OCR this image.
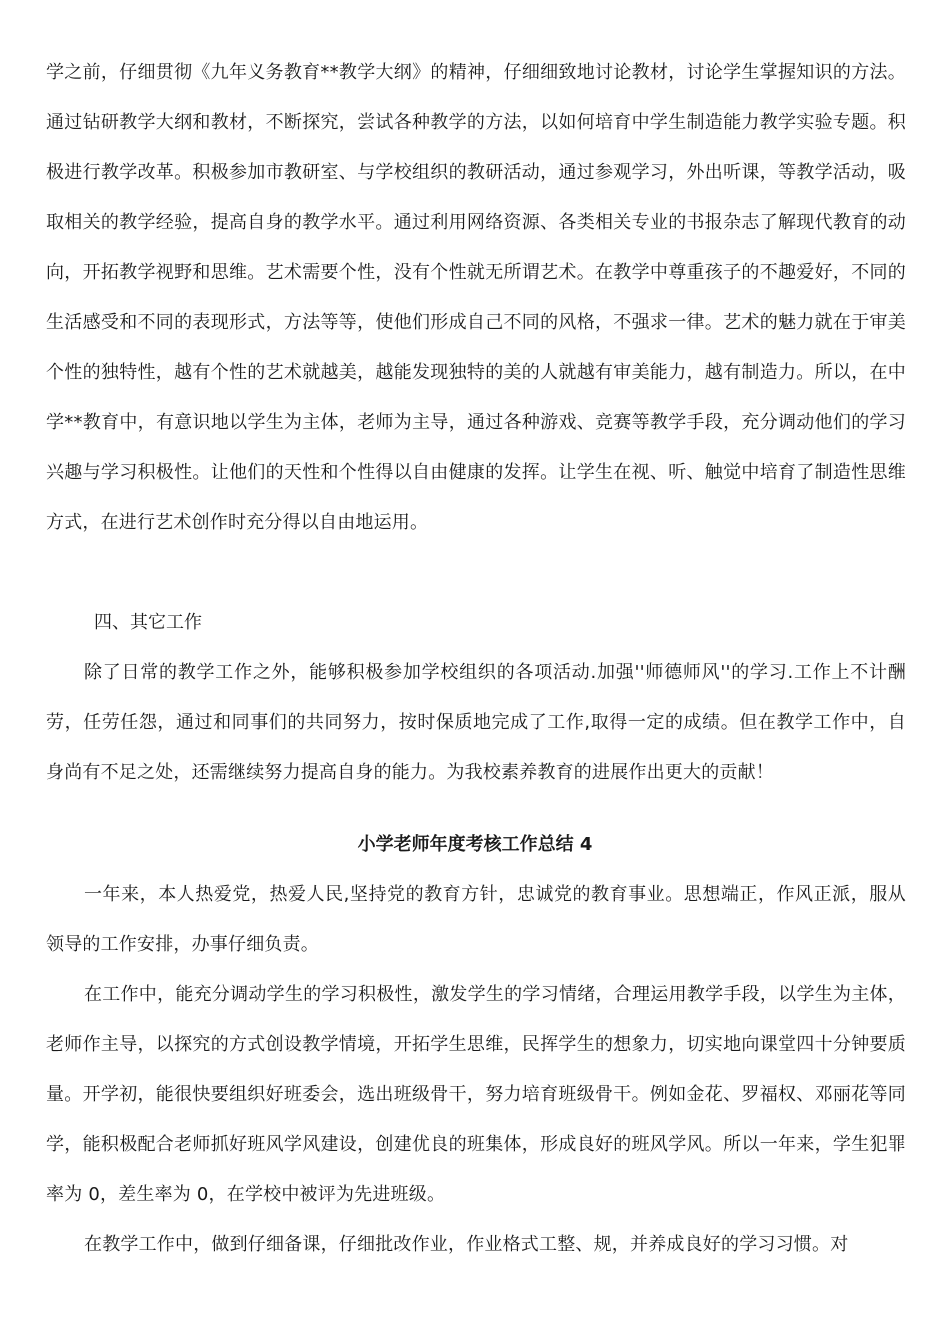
学之前，仔细贯彻《九年义务教育**教学大纲》的精神，仔细细致地讨论教材，讨论学生掌握知识的方法。通过钻研教学大纲和教材，不断探究，尝试各种教学的方法，以如何培育中学生制造能力教学实验专题。积极进行教学改革。积极参加市教研室、与学校组织的教研活动，通过参观学习，外出听课，等教学活动，吸取相关的教学经验，提高自身的教学水平。通过利用网络资源、各类相关专业的书报杂志了解现代教育的动向，开拓教学视野和思维。艺术需要个性，没有个性就无所谓艺术。在教学中尊重孩子的不趣爱好，不同的生活感受和不同的表现形式，方法等等，使他们形成自己不同的风格，不强求一律。艺术的魅力就在于审美个性的独特性，越有个性的艺术就越美，越能发现独特的美的人就越有审美能力，越有制造力。所以，在中学**教育中，有意识地以学生为主体，老师为主导，通过各种游戏、竞赛等教学手段，充分调动他们的学习兴趣与学习积极性。让他们的天性和个性得以自由健康的发挥。让学生在视、听、触觉中培育了制造性思维方式，在进行艺术创作时充分得以自由地运用。

四、其它工作

除了日常的教学工作之外，能够积极参加学校组织的各项活动.加强''师德师风''的学习.工作上不计酬劳，任劳任怨，通过和同事们的共同努力，按时保质地完成了工作,取得一定的成绩。但在教学工作中，自身尚有不足之处，还需继续努力提高自身的能力。为我校素养教育的进展作出更大的贡献！

小学老师年度考核工作总结 4

一年来，本人热爱党，热爱人民,坚持党的教育方针，忠诚党的教育事业。思想端正，作风正派，服从领导的工作安排，办事仔细负责。

在工作中，能充分调动学生的学习积极性，激发学生的学习情绪，合理运用教学手段，以学生为主体，老师作主导，以探究的方式创设教学情境，开拓学生思维，民挥学生的想象力，切实地向课堂四十分钟要质量。开学初，能很快要组织好班委会，选出班级骨干，努力培育班级骨干。例如金花、罗福权、邓丽花等同学，能积极配合老师抓好班风学风建设，创建优良的班集体，形成良好的班风学风。所以一年来，学生犯罪率为 0，差生率为 0，在学校中被评为先进班级。

在教学工作中，做到仔细备课，仔细批改作业，作业格式工整、规，并养成良好的学习习惯。对
